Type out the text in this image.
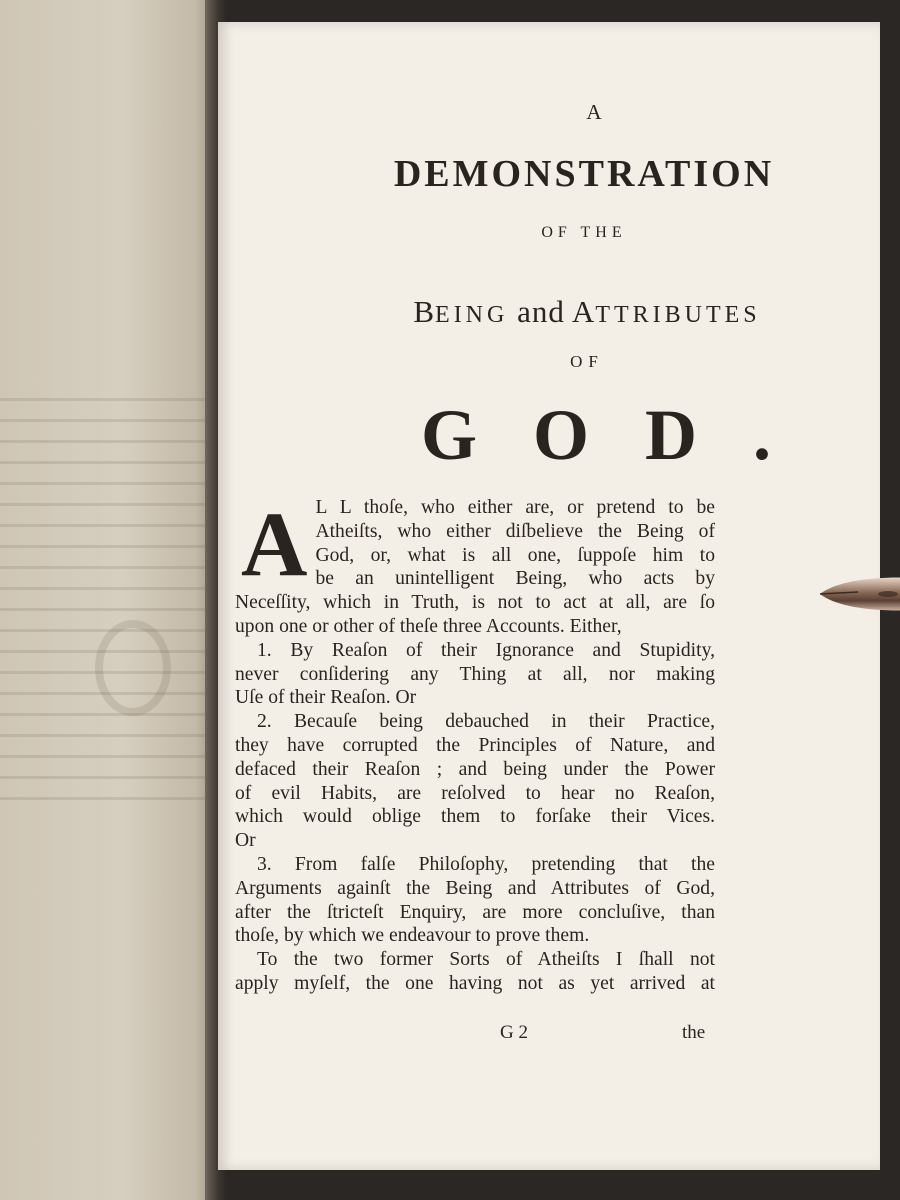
A
DEMONSTRATION
OF THE
BEING and ATTRIBUTES
OF
GOD.
A L L thoſe, who either are, or pretend to be
Atheiſts, who either diſbelieve the Being of
God, or, what is all one, ſuppoſe him to
be an unintelligent Being, who acts by
Neceſſity, which in Truth, is not to act at all, are ſo
upon one or other of theſe three Accounts. Either,
1. By Reaſon of their Ignorance and Stupidity,
never conſidering any Thing at all, nor making
Uſe of their Reaſon. Or
2. Becauſe being debauched in their Practice,
they have corrupted the Principles of Nature, and
defaced their Reaſon ; and being under the Power
of evil Habits, are reſolved to hear no Reaſon,
which would oblige them to forſake their Vices.
Or
3. From falſe Philoſophy, pretending that the
Arguments againſt the Being and Attributes of God,
after the ſtricteſt Enquiry, are more concluſive, than
thoſe, by which we endeavour to prove them.
To the two former Sorts of Atheiſts I ſhall not
apply myſelf, the one having not as yet arrived at
G 2	the
